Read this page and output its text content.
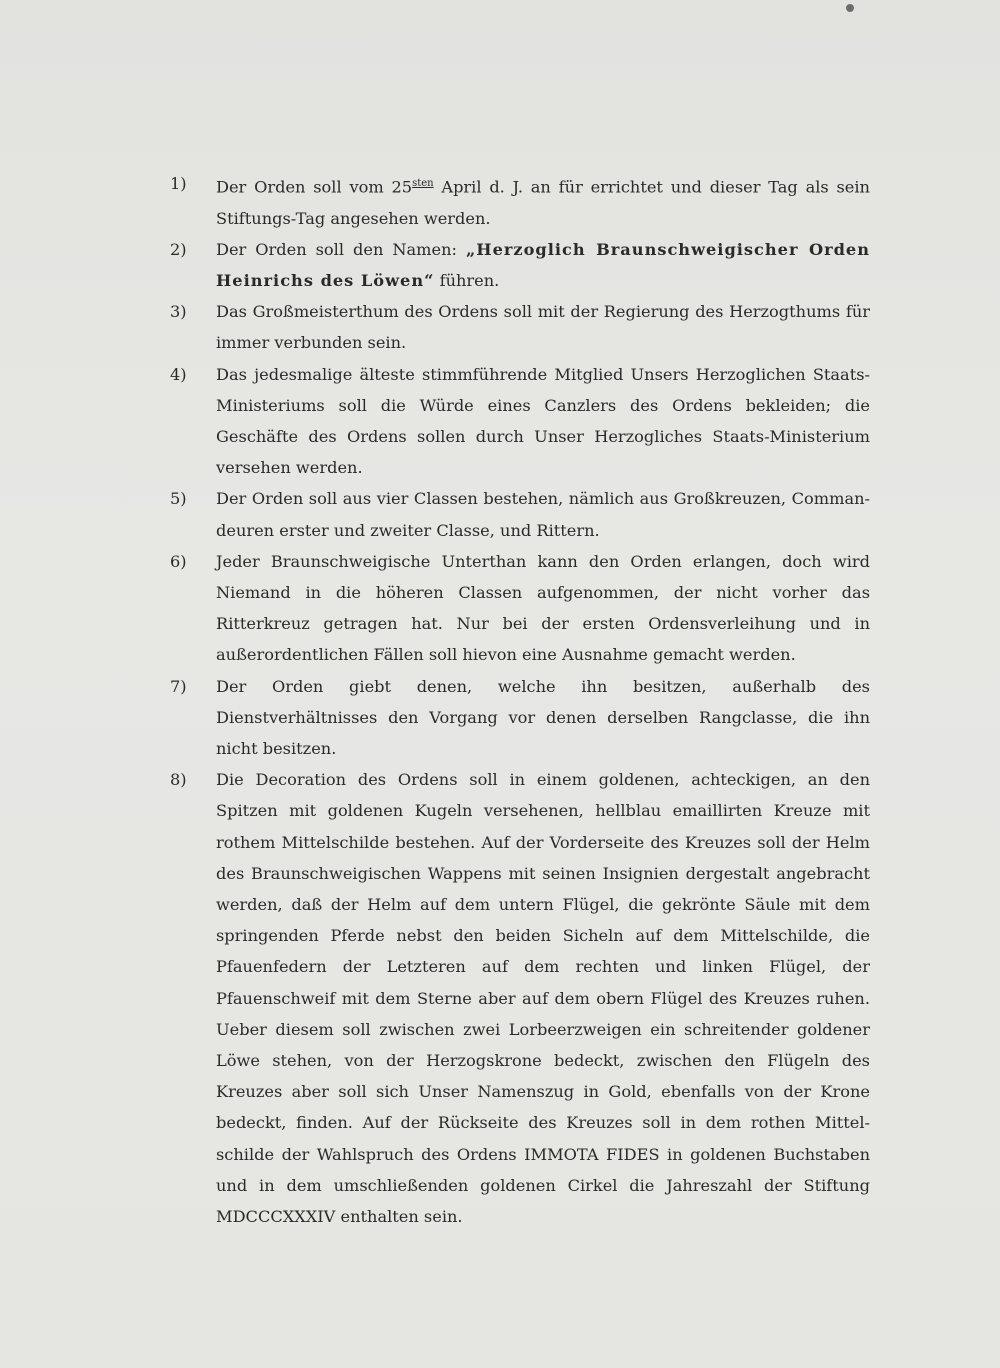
1)	Der Orden soll vom $25^{sten}$ April d. J. an für errichtet und dieser Tag als sein Stiftungs-Tag angesehen werden.
2)	Der Orden soll den Namen: „Herzoglich Braunschweigischer Orden Heinrichs des Löwen“ führen.
3)	Das Großmeisterthum des Ordens soll mit der Regierung des Herzogthums für immer verbunden sein.
4)	Das jedesmalige älteste stimmführende Mitglied Unsers Herzoglichen Staats-Ministeriums soll die Würde eines Canzlers des Ordens bekleiden; die Geschäfte des Ordens sollen durch Unser Herzogliches Staats-Ministerium versehen werden.
5)	Der Orden soll aus vier Classen bestehen, nämlich aus Großkreuzen, Comman- deuren erster und zweiter Classe, und Rittern.
6)	Jeder Braunschweigische Unterthan kann den Orden erlangen, doch wird Niemand in die höheren Classen aufgenommen, der nicht vorher das Ritterkreuz getragen hat. Nur bei der ersten Ordensverleihung und in außerordentlichen Fällen soll hievon eine Ausnahme gemacht werden.
7)	Der Orden giebt denen, welche ihn besitzen, außerhalb des Dienstverhältnisses den Vorgang vor denen derselben Rangclasse, die ihn nicht besitzen.
8)	Die Decoration des Ordens soll in einem goldenen, achteckigen, an den Spitzen mit goldenen Kugeln versehenen, hellblau emaillirten Kreuze mit rothem Mittelschilde bestehen. Auf der Vorderseite des Kreuzes soll der Helm des Braunschweigischen Wappens mit seinen Insignien dergestalt angebracht werden, daß der Helm auf dem untern Flügel, die gekrönte Säule mit dem springenden Pferde nebst den beiden Sicheln auf dem Mittelschilde, die Pfauenfedern der Letzteren auf dem rechten und linken Flügel, der Pfauenschweif mit dem Sterne aber auf dem obern Flügel des Kreuzes ruhen. Ueber diesem soll zwischen zwei Lorbeerzweigen ein schreitender goldener Löwe stehen, von der Herzogskrone bedeckt, zwischen den Flügeln des Kreuzes aber soll sich Unser Namenszug in Gold, ebenfalls von der Krone bedeckt, finden. Auf der Rückseite des Kreuzes soll in dem rothen Mittel-schilde der Wahlspruch des Ordens IMMOTA FIDES in goldenen Buchstaben und in dem umschließenden goldenen Cirkel die Jahreszahl der Stiftung MDCCCXXXIV enthalten sein.
